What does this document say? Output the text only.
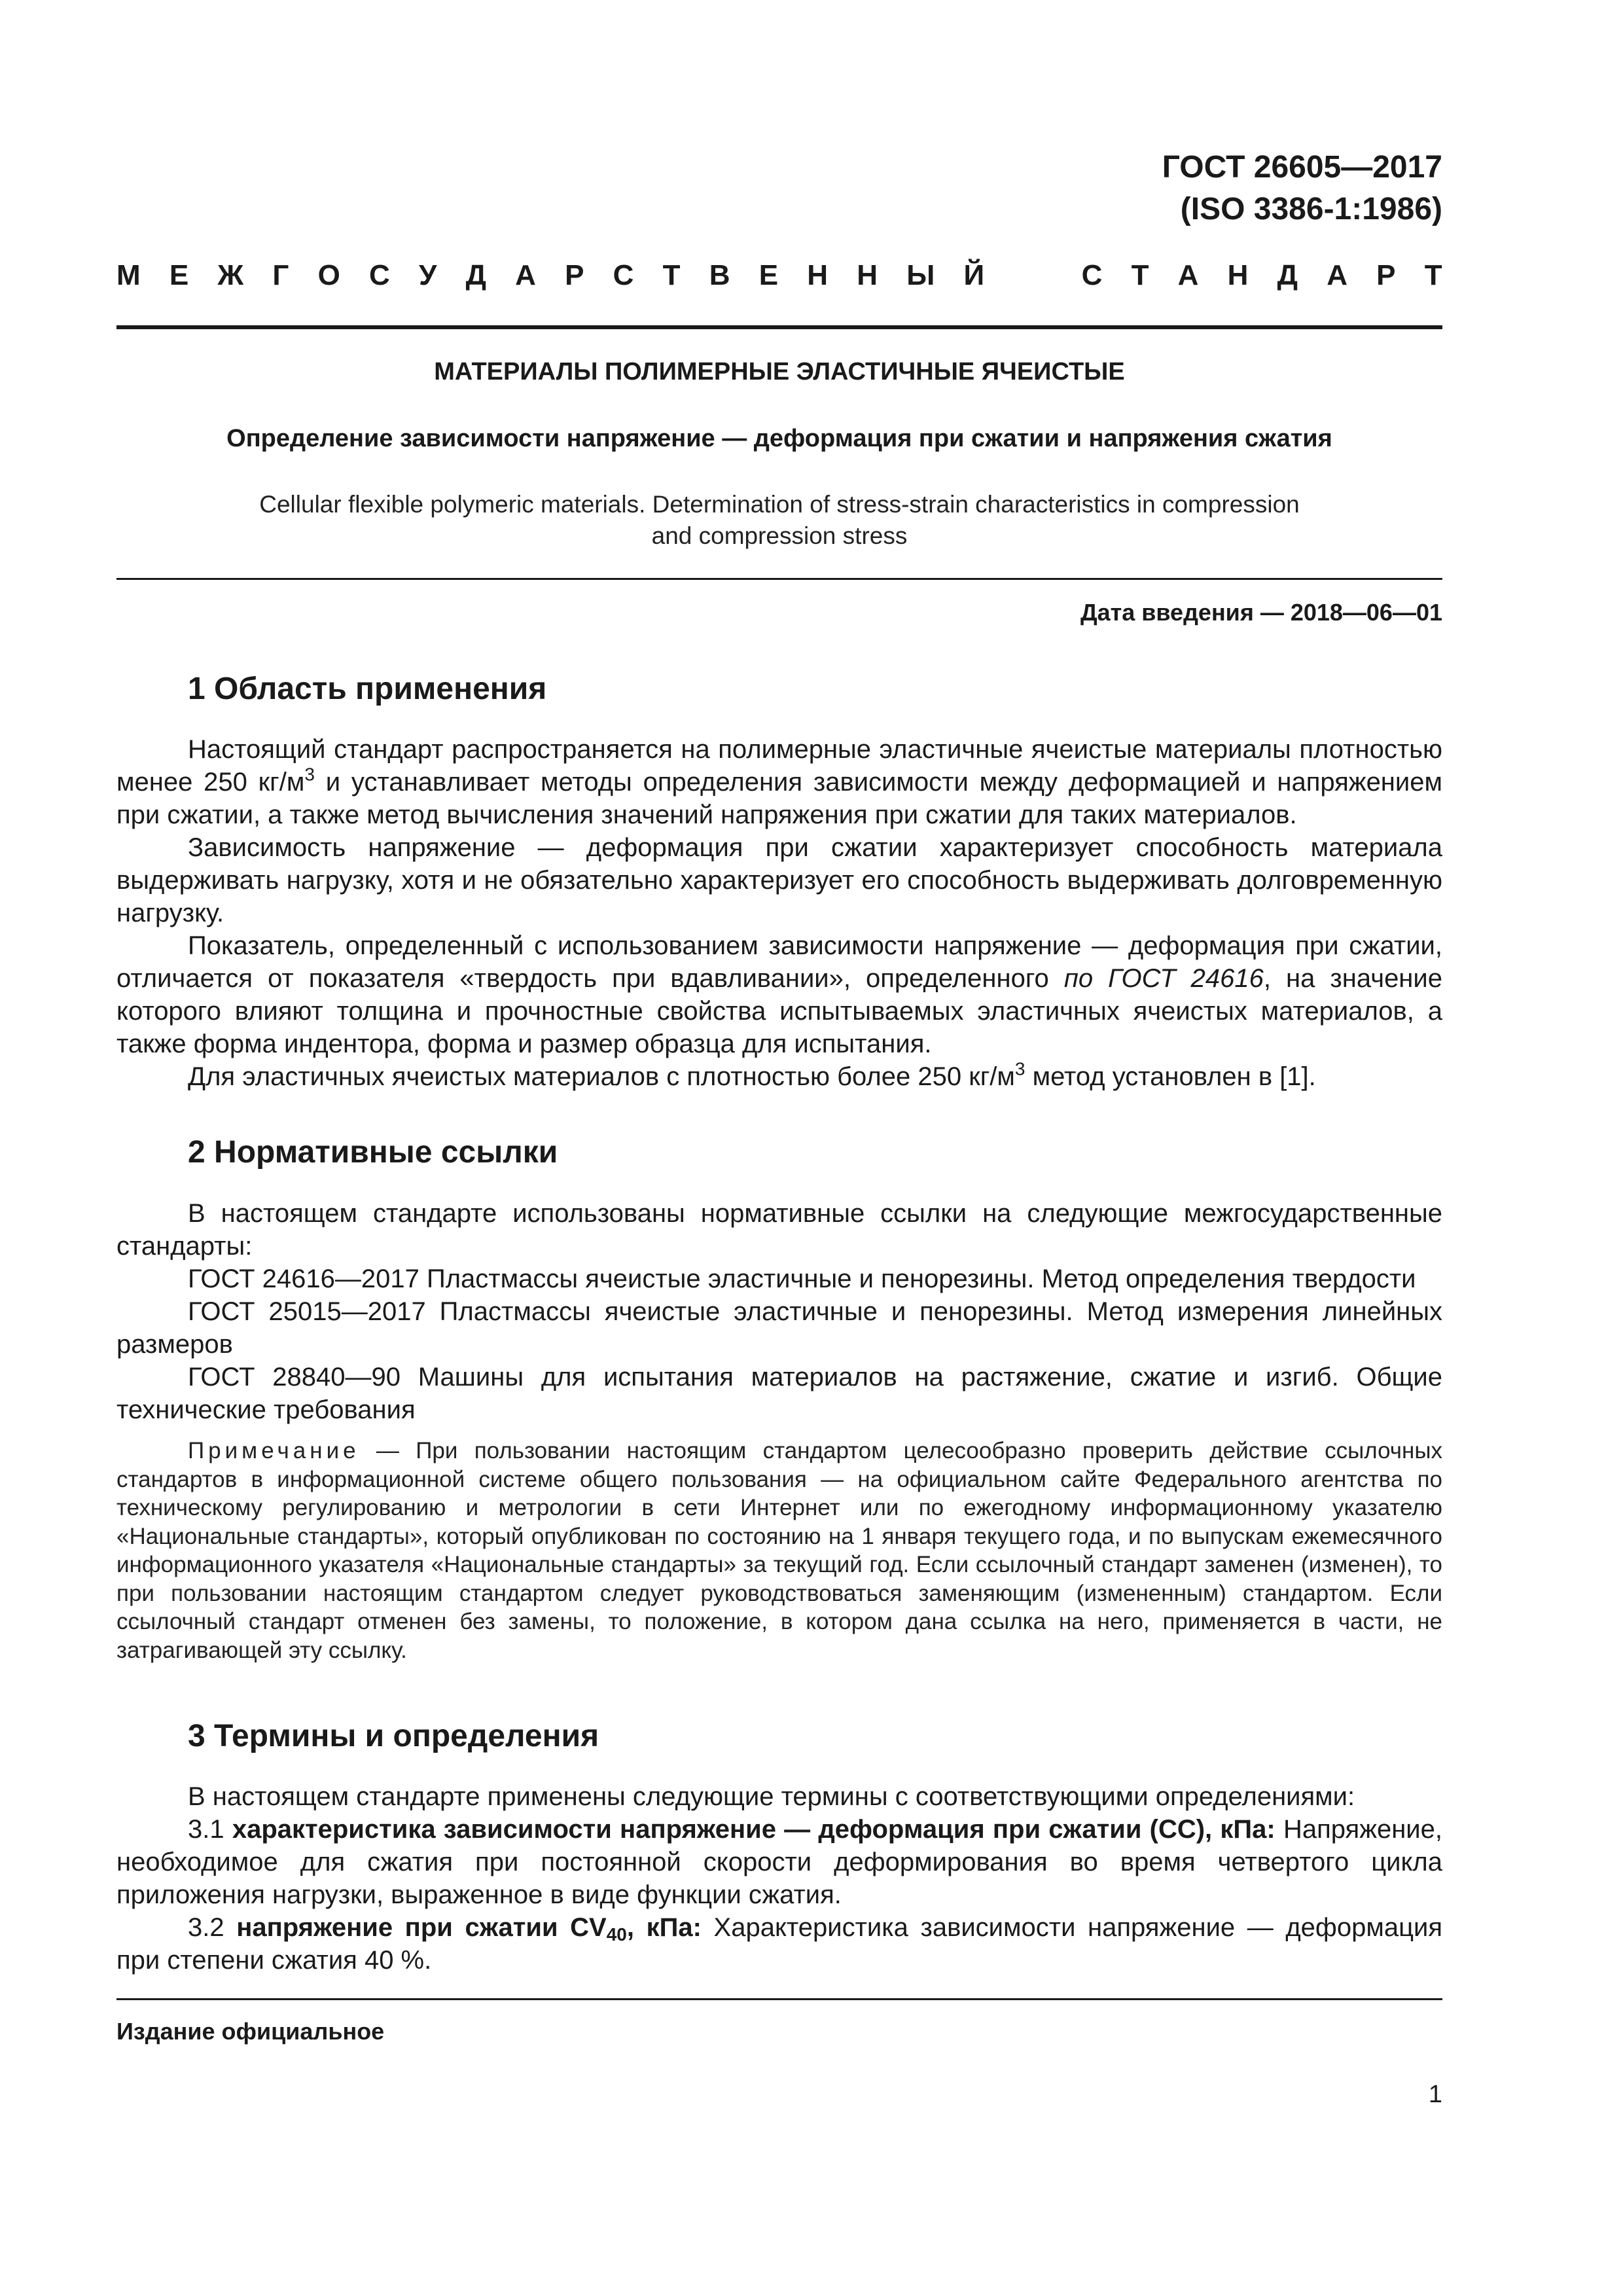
ГОСТ 26605—2017
(ISO 3386-1:1986)
М Е Ж Г О С У Д А Р С Т В Е Н Н Ы Й	С Т А Н Д А Р Т
МАТЕРИАЛЫ ПОЛИМЕРНЫЕ ЭЛАСТИЧНЫЕ ЯЧЕИСТЫЕ
Определение зависимости напряжение — деформация при сжатии и напряжения сжатия
Cellular flexible polymeric materials. Determination of stress-strain characteristics in compression
and compression stress
Дата введения — 2018—06—01
1 Область применения

Настоящий стандарт распространяется на полимерные эластичные ячеистые материалы плотностью менее 250 $кг/м^3$ и устанавливает методы определения зависимости между деформацией и напряжением при сжатии, а также метод вычисления значений напряжения при сжатии для таких материалов.

Зависимость напряжение — деформация при сжатии характеризует способность материала выдерживать нагрузку, хотя и не обязательно характеризует его способность выдерживать долговременную нагрузку.

Показатель, определенный с использованием зависимости напряжение — деформация при сжатии, отличается от показателя «твердость при вдавливании», определенного по ГОСТ 24616, на значение которого влияют толщина и прочностные свойства испытываемых эластичных ячеистых материалов, а также форма индентора, форма и размер образца для испытания.

Для эластичных ячеистых материалов с плотностью более 250 $кг/м^3$ метод установлен в [1].

2 Нормативные ссылки

В настоящем стандарте использованы нормативные ссылки на следующие межгосударственные стандарты:

ГОСТ 24616—2017 Пластмассы ячеистые эластичные и пенорезины. Метод определения твердости

ГОСТ 25015—2017 Пластмассы ячеистые эластичные и пенорезины. Метод измерения линейных размеров

ГОСТ 28840—90 Машины для испытания материалов на растяжение, сжатие и изгиб. Общие технические требования

Примечание — При пользовании настоящим стандартом целесообразно проверить действие ссылочных стандартов в информационной системе общего пользования — на официальном сайте Федерального агентства по техническому регулированию и метрологии в сети Интернет или по ежегодному информационному указателю «Национальные стандарты», который опубликован по состоянию на 1 января текущего года, и по выпускам ежемесячного информационного указателя «Национальные стандарты» за текущий год. Если ссылочный стандарт заменен (изменен), то при пользовании настоящим стандартом следует руководствоваться заменяющим (измененным) стандартом. Если ссылочный стандарт отменен без замены, то положение, в котором дана ссылка на него, применяется в части, не затрагивающей эту ссылку.

3 Термины и определения

В настоящем стандарте применены следующие термины с соответствующими определениями:

3.1 характеристика зависимости напряжение — деформация при сжатии (CC), кПа: Напряжение, необходимое для сжатия при постоянной скорости деформирования во время четвертого цикла приложения нагрузки, выраженное в виде функции сжатия.

3.2 напряжение при сжатии $CV_{40}$, кПа: Характеристика зависимости напряжение — деформация при степени сжатия 40 %.

Издание официальное
1
